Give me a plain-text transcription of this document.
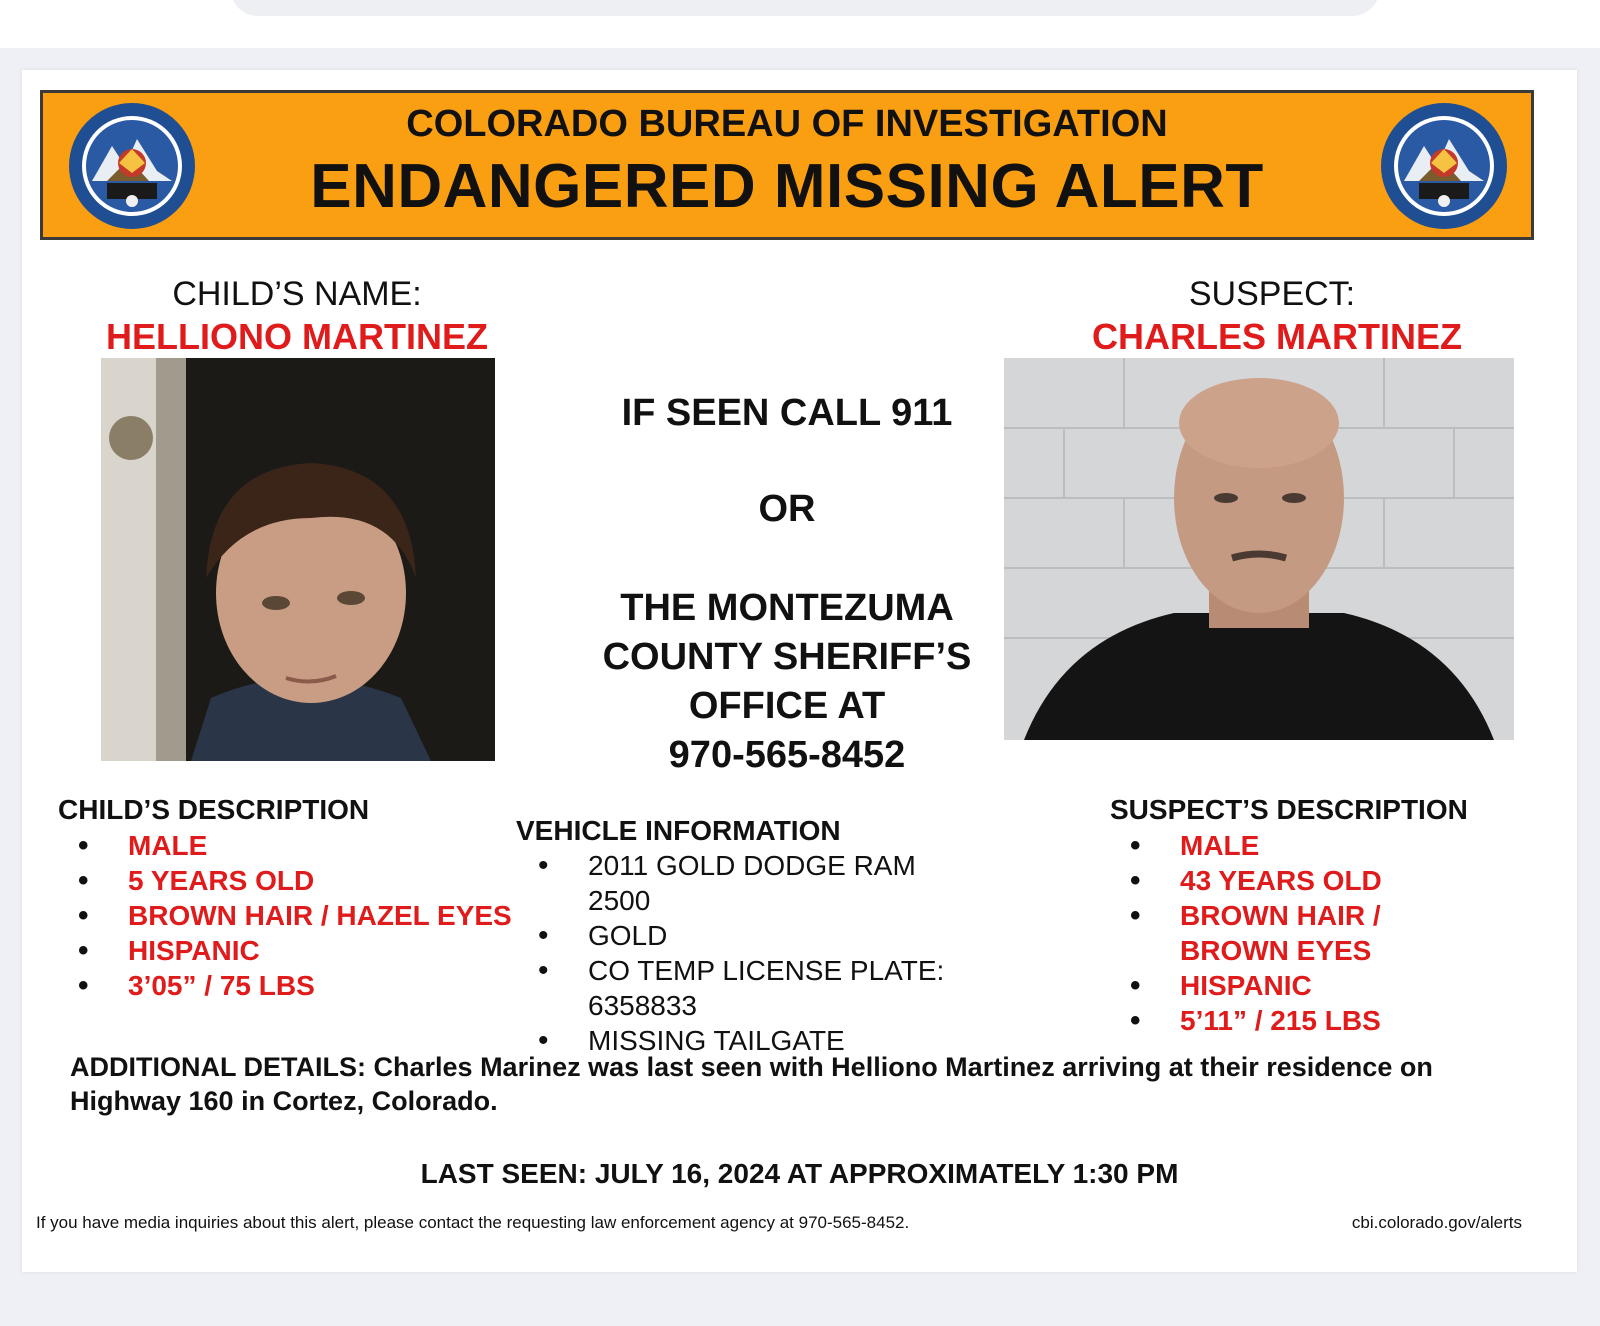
COLORADO BUREAU OF INVESTIGATION
ENDANGERED MISSING ALERT
CHILD’S NAME:
HELLIONO MARTINEZ
IF SEEN CALL 911
OR
THE MONTEZUMA COUNTY SHERIFF’S OFFICE AT
970-565-8452
SUSPECT:
CHARLES MARTINEZ
CHILD’S DESCRIPTION
• MALE
• 5 YEARS OLD
• BROWN HAIR / HAZEL EYES
• HISPANIC
• 3’05” / 75 LBS
VEHICLE INFORMATION
• 2011 GOLD DODGE RAM 2500
• GOLD
• CO TEMP LICENSE PLATE: 6358833
• MISSING TAILGATE
SUSPECT’S DESCRIPTION
• MALE
• 43 YEARS OLD
• BROWN HAIR / BROWN EYES
• HISPANIC
• 5’11” / 215 LBS
ADDITIONAL DETAILS: Charles Marinez was last seen with Helliono Martinez arriving at their residence on Highway 160 in Cortez, Colorado.
LAST SEEN: JULY 16, 2024 AT APPROXIMATELY 1:30 PM
If you have media inquiries about this alert, please contact the requesting law enforcement agency at 970-565-8452.	cbi.colorado.gov/alerts
